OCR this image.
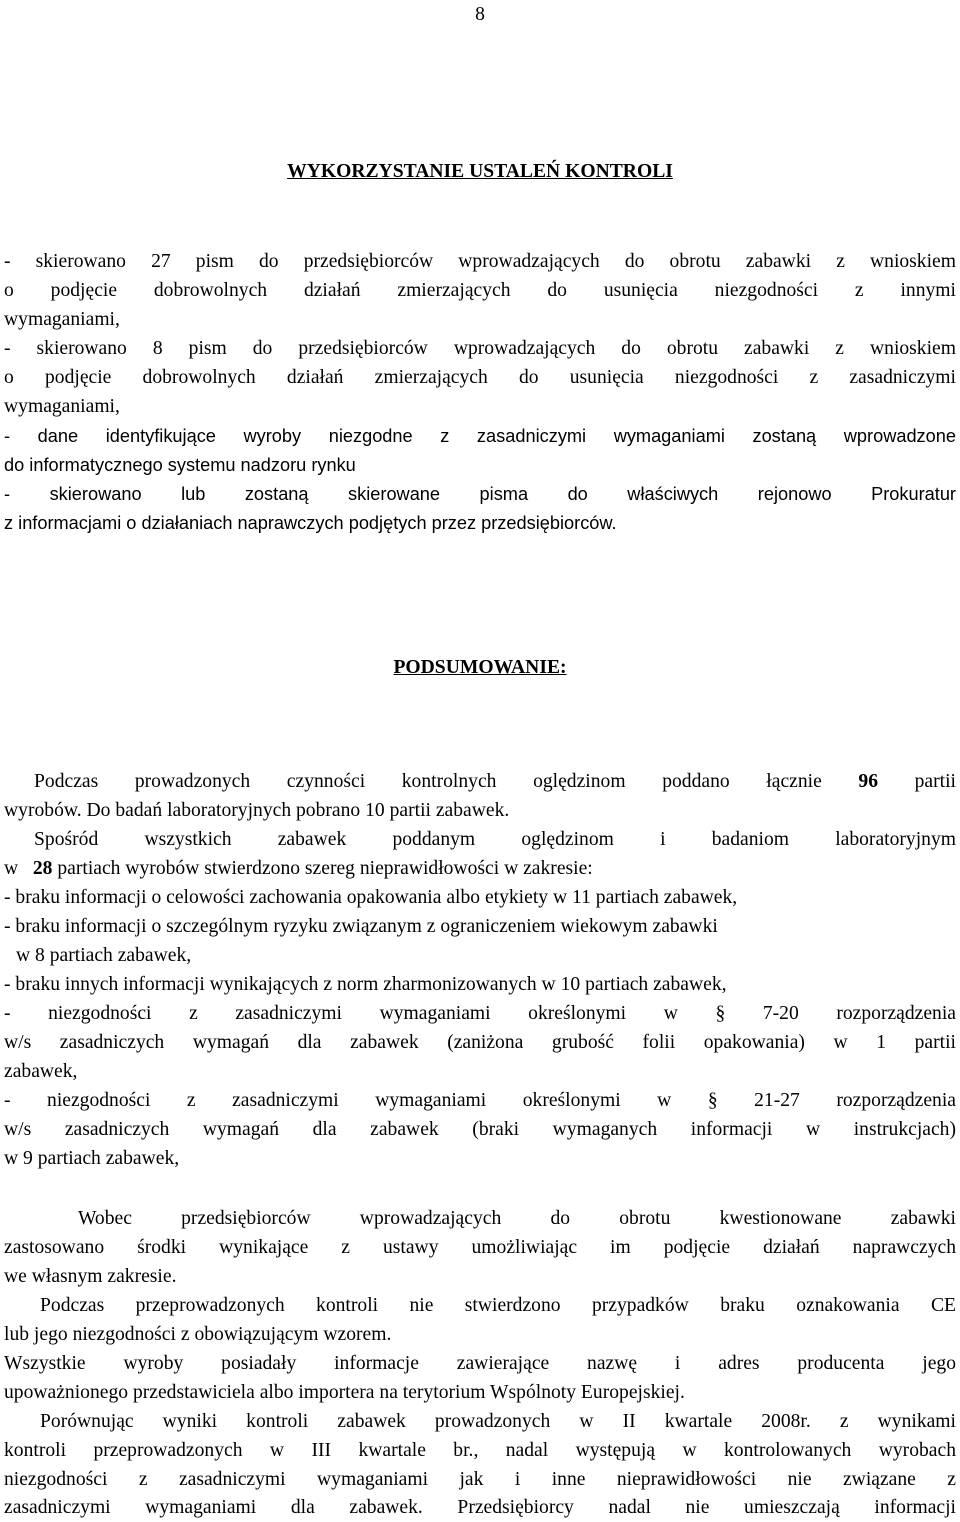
8
WYKORZYSTANIE USTALEŃ KONTROLI
- skierowano 27 pism do przedsiębiorców wprowadzających do obrotu zabawki z wnioskiem
o podjęcie dobrowolnych działań zmierzających do usunięcia niezgodności z innymi
wymaganiami,
- skierowano 8 pism do przedsiębiorców wprowadzających do obrotu zabawki z wnioskiem
o podjęcie dobrowolnych działań zmierzających do usunięcia niezgodności z zasadniczymi
wymaganiami,
- dane identyfikujące wyroby niezgodne z zasadniczymi wymaganiami zostaną wprowadzone
do informatycznego systemu nadzoru rynku
- skierowano lub zostaną skierowane pisma do właściwych rejonowo Prokuratur
z informacjami o działaniach naprawczych podjętych przez przedsiębiorców.
PODSUMOWANIE:
Podczas prowadzonych czynności kontrolnych oględzinom poddano łącznie 96 partii
wyrobów. Do badań laboratoryjnych pobrano 10 partii zabawek.
Spośród wszystkich zabawek poddanym oględzinom i badaniom laboratoryjnym
w 28 partiach wyrobów stwierdzono szereg nieprawidłowości w zakresie:
- braku informacji o celowości zachowania opakowania albo etykiety w 11 partiach zabawek,
- braku informacji o szczególnym ryzyku związanym z ograniczeniem wiekowym zabawki
w 8 partiach zabawek,
- braku innych informacji wynikających z norm zharmonizowanych w 10 partiach zabawek,
- niezgodności z zasadniczymi wymaganiami określonymi w § 7-20 rozporządzenia
w/s zasadniczych wymagań dla zabawek (zaniżona grubość folii opakowania) w 1 partii
zabawek,
- niezgodności z zasadniczymi wymaganiami określonymi w § 21-27 rozporządzenia
w/s zasadniczych wymagań dla zabawek (braki wymaganych informacji w instrukcjach)
w 9 partiach zabawek,
Wobec przedsiębiorców wprowadzających do obrotu kwestionowane zabawki
zastosowano środki wynikające z ustawy umożliwiając im podjęcie działań naprawczych
we własnym zakresie.
Podczas przeprowadzonych kontroli nie stwierdzono przypadków braku oznakowania CE
lub jego niezgodności z obowiązującym wzorem.
Wszystkie wyroby posiadały informacje zawierające nazwę i adres producenta jego
upoważnionego przedstawiciela albo importera na terytorium Wspólnoty Europejskiej.
Porównując wyniki kontroli zabawek prowadzonych w II kwartale 2008r. z wynikami
kontroli przeprowadzonych w III kwartale br., nadal występują w kontrolowanych wyrobach
niezgodności z zasadniczymi wymaganiami jak i inne nieprawidłowości nie związane z
zasadniczymi wymaganiami dla zabawek. Przedsiębiorcy nadal nie umieszczają informacji
